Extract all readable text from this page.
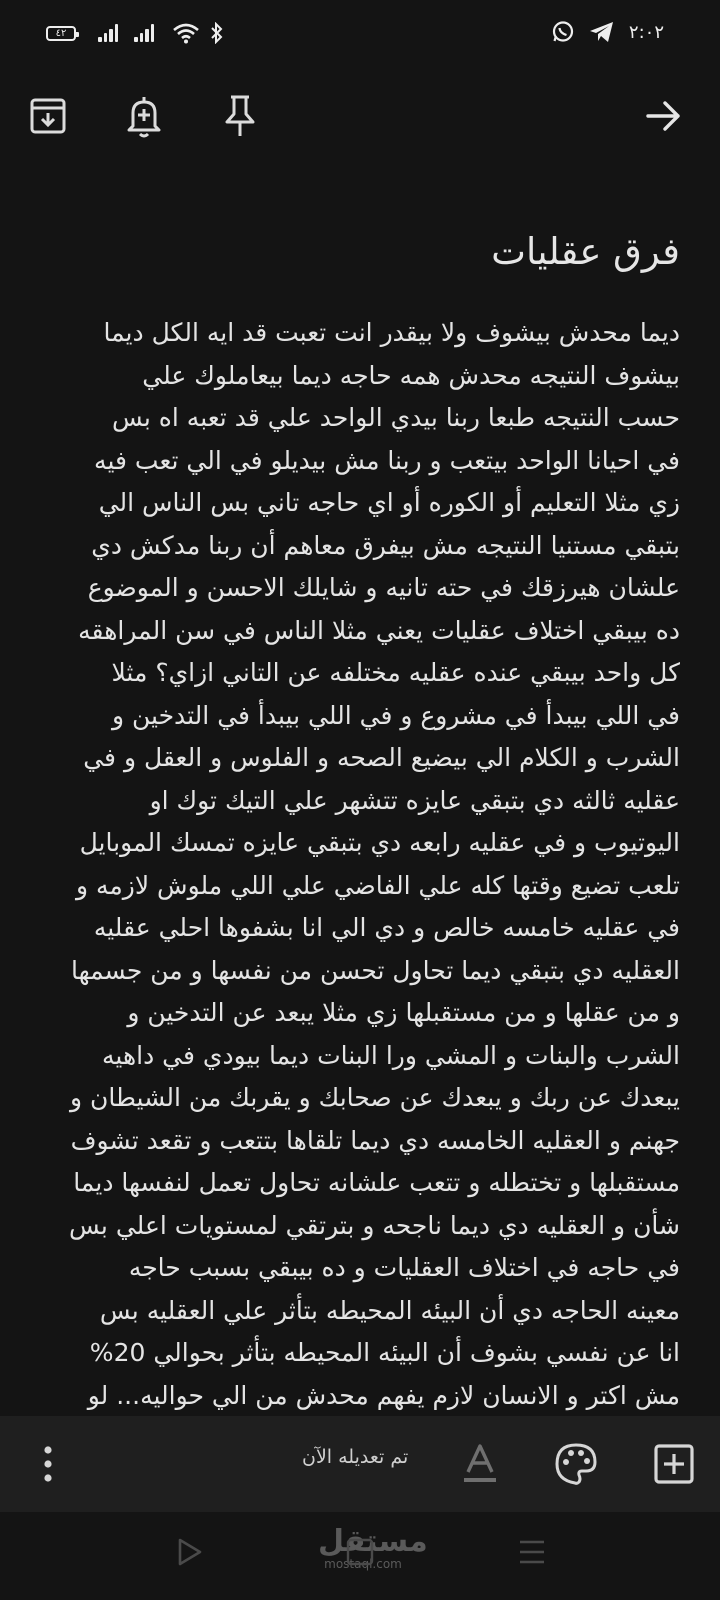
٤٢	٢:٠٢
فرق عقليات
ديما محدش بيشوف ولا بيقدر انت تعبت قد ايه الكل ديما
بيشوف النتيجه محدش همه حاجه ديما بيعاملوك علي
حسب النتيجه طبعا ربنا بيدي الواحد علي قد تعبه اه بس
في احيانا الواحد بيتعب و ربنا مش بيديلو في الي تعب فيه
زي مثلا التعليم أو الكوره أو اي حاجه تاني بس الناس الي
بتبقي مستنيا النتيجه مش بيفرق معاهم أن ربنا مدكش دي
علشان هيرزقك في حته تانيه و شايلك الاحسن و الموضوع
ده بيبقي اختلاف عقليات يعني مثلا الناس في سن المراهقه
كل واحد بيبقي عنده عقليه مختلفه عن التاني ازاي؟ مثلا
في اللي بيبدأ في مشروع و في اللي بيبدأ في التدخين و
الشرب و الكلام الي بيضيع الصحه و الفلوس و العقل و في
عقليه ثالثه دي بتبقي عايزه تتشهر علي التيك توك او
اليوتيوب و في عقليه رابعه دي بتبقي عايزه تمسك الموبايل
تلعب تضيع وقتها كله علي الفاضي علي اللي ملوش لازمه و
في عقليه خامسه خالص و دي الي انا بشفوها احلي عقليه
العقليه دي بتبقي ديما تحاول تحسن من نفسها و من جسمها
و من عقلها و من مستقبلها زي مثلا يبعد عن التدخين و
الشرب والبنات و المشي ورا البنات ديما بيودي في داهيه
يبعدك عن ربك و يبعدك عن صحابك و يقربك من الشيطان و
جهنم و العقليه الخامسه دي ديما تلقاها بتتعب و تقعد تشوف
مستقبلها و تختطله و تتعب علشانه تحاول تعمل لنفسها ديما
شأن و العقليه دي ديما ناجحه و بترتقي لمستويات اعلي بس
في حاجه في اختلاف العقليات و ده بيبقي بسبب حاجه
معينه الحاجه دي أن البيئه المحيطه بتأثر علي العقليه بس
انا عن نفسي بشوف أن البيئه المحيطه بتأثر بحوالي 20%
مش اكتر و الانسان لازم يفهم محدش من الي حواليه... لو
تم تعديله الآن
مستقل
mostaql.com
